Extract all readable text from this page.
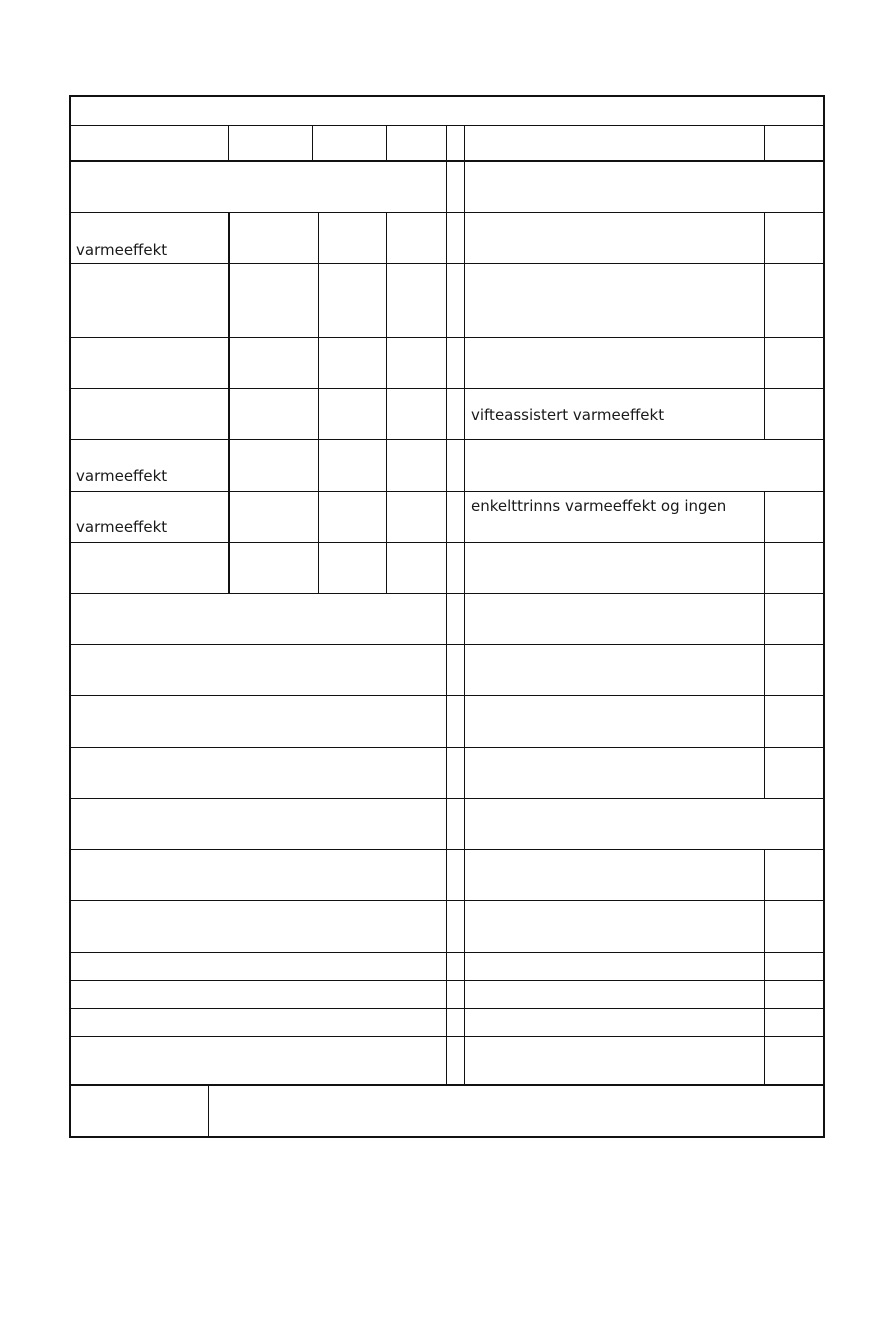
varmeeffekt
varmeeffekt
varmeeffekt
vifteassistert varmeeffekt
enkelttrinns varmeeffekt og ingen
